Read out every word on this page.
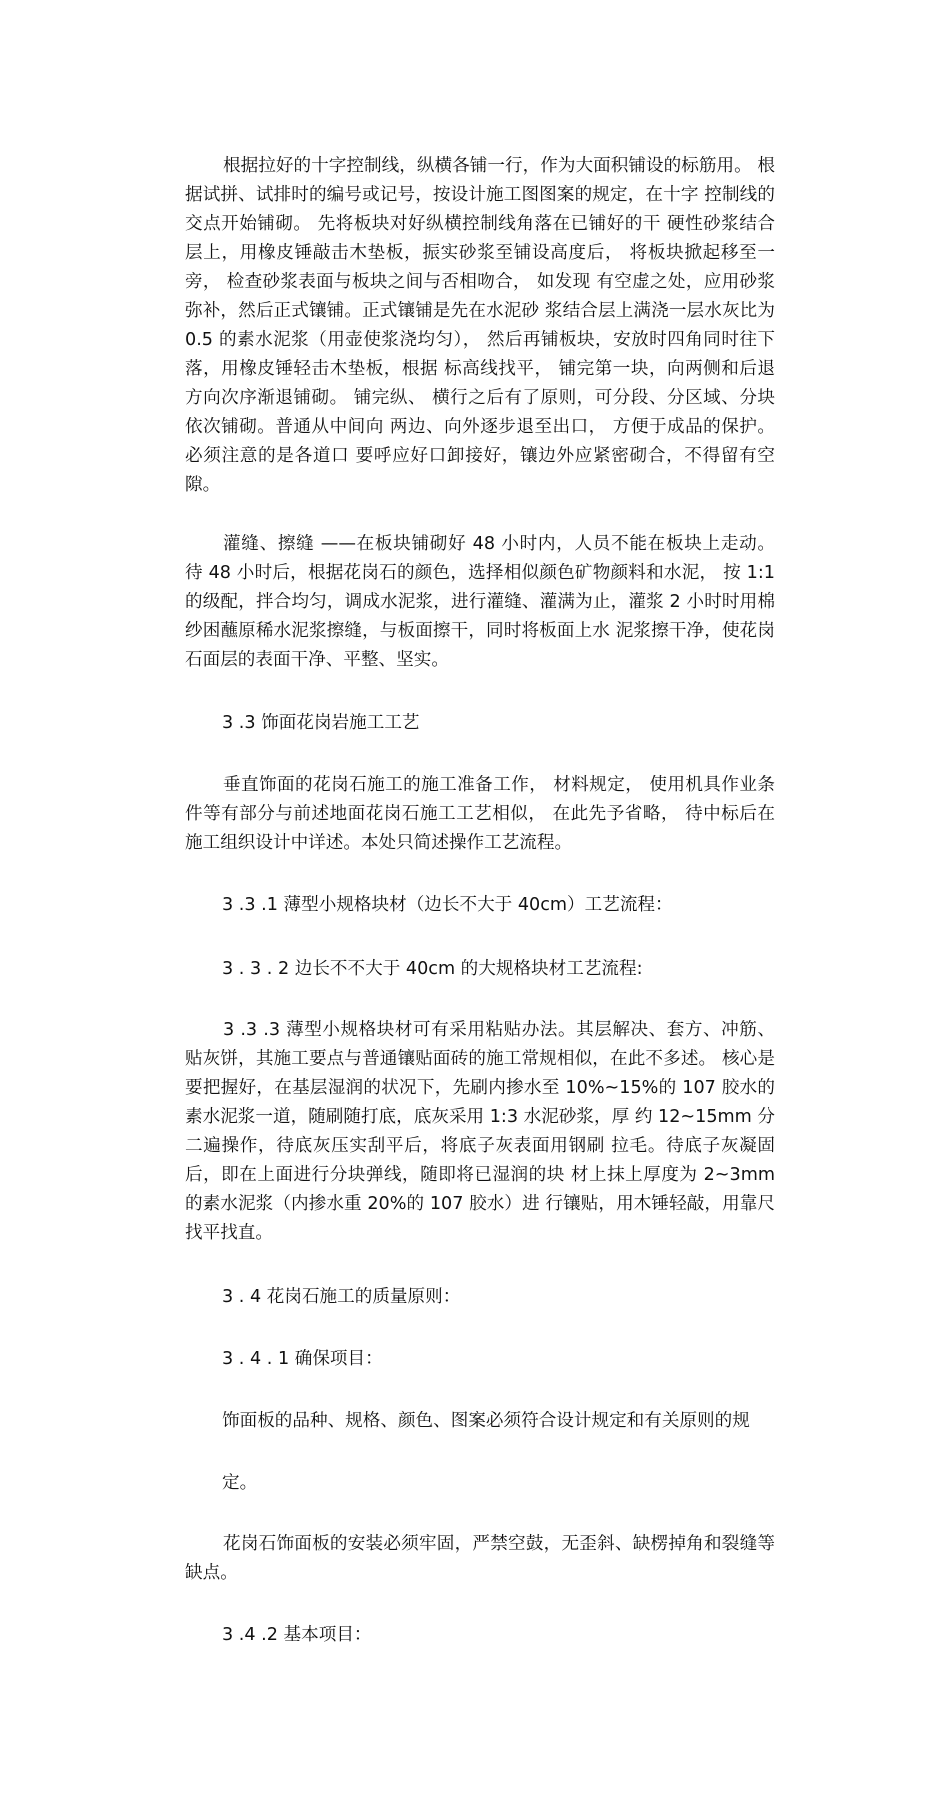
根据拉好的十字控制线，纵横各铺一行，作为大面积铺设的标筋用。 根据试拼、试排时的编号或记号，按设计施工图图案的规定，在十字 控制线的交点开始铺砌。 先将板块对好纵横控制线角落在已铺好的干 硬性砂浆结合层上，用橡皮锤敲击木垫板，振实砂浆至铺设高度后， 将板块掀起移至一旁， 检查砂浆表面与板块之间与否相吻合， 如发现 有空虚之处，应用砂浆弥补，然后正式镶铺。正式镶铺是先在水泥砂 浆结合层上满浇一层水灰比为 0.5 的素水泥浆（用壶使浆浇均匀）， 然后再铺板块，安放时四角同时往下落，用橡皮锤轻击木垫板，根据 标高线找平， 铺完第一块，向两侧和后退方向次序渐退铺砌。 铺完纵、 横行之后有了原则，可分段、分区域、分块依次铺砌。普通从中间向 两边、向外逐步退至出口， 方便于成品的保护。必须注意的是各道口 要呼应好口卸接好，镶边外应紧密砌合，不得留有空隙。

灌缝、擦缝 ——在板块铺砌好 48 小时内，人员不能在板块上走动。 待 48 小时后，根据花岗石的颜色，选择相似颜色矿物颜料和水泥， 按 1:1 的级配，拌合均匀，调成水泥浆，进行灌缝、灌满为止，灌浆 2 小时时用棉纱困蘸原稀水泥浆擦缝，与板面擦干，同时将板面上水 泥浆擦干净，使花岗石面层的表面干净、平整、坚实。

3 .3 饰面花岗岩施工工艺

垂直饰面的花岗石施工的施工准备工作， 材料规定， 使用机具作业条 件等有部分与前述地面花岗石施工工艺相似， 在此先予省略， 待中标后在施工组织设计中详述。本处只简述操作工艺流程。

3 .3 .1 薄型小规格块材（边长不大于 40cm）工艺流程：

3 . 3 . 2 边长不不大于 40cm 的大规格块材工艺流程:

3 .3 .3 薄型小规格块材可有采用粘贴办法。其层解决、套方、冲筋、 贴灰饼，其施工要点与普通镶贴面砖的施工常规相似，在此不多述。 核心是要把握好，在基层湿润的状况下，先刷内掺水至 10%~15%的 107 胶水的素水泥浆一道，随刷随打底，底灰采用 1:3 水泥砂浆，厚 约 12~15mm 分二遍操作，待底灰压实刮平后，将底子灰表面用钢刷 拉毛。待底子灰凝固后，即在上面进行分块弹线，随即将已湿润的块 材上抹上厚度为 2~3mm 的素水泥浆（内掺水重 20%的 107 胶水）进 行镶贴，用木锤轻敲，用靠尺找平找直。

3 . 4 花岗石施工的质量原则：

3 . 4 . 1 确保项目：

饰面板的品种、规格、颜色、图案必须符合设计规定和有关原则的规

定。

花岗石饰面板的安装必须牢固，严禁空鼓，无歪斜、缺楞掉角和裂缝等缺点。

3 .4 .2 基本项目：
